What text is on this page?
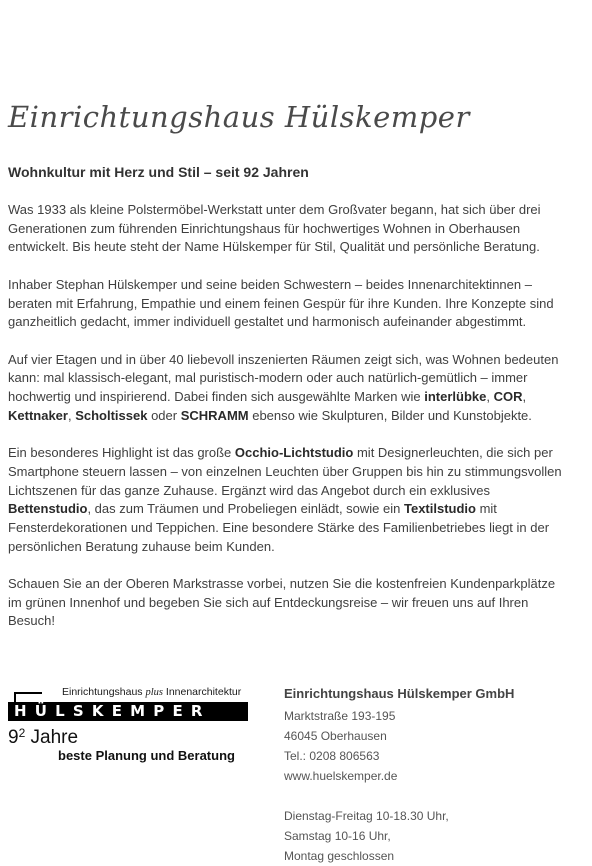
Einrichtungshaus Hülskemper
Wohnkultur mit Herz und Stil – seit 92 Jahren

Was 1933 als kleine Polstermöbel-Werkstatt unter dem Großvater begann, hat sich über drei Generationen zum führenden Einrichtungshaus für hochwertiges Wohnen in Oberhausen entwickelt. Bis heute steht der Name Hülskemper für Stil, Qualität und persönliche Beratung.

Inhaber Stephan Hülskemper und seine beiden Schwestern – beides Innenarchitektinnen – beraten mit Erfahrung, Empathie und einem feinen Gespür für ihre Kunden. Ihre Konzepte sind ganzheitlich gedacht, immer individuell gestaltet und harmonisch aufeinander abgestimmt.

Auf vier Etagen und in über 40 liebevoll inszenierten Räumen zeigt sich, was Wohnen bedeuten kann: mal klassisch-elegant, mal puristisch-modern oder auch natürlich-gemütlich – immer hochwertig und inspirierend. Dabei finden sich ausgewählte Marken wie interlübke, COR, Kettnaker, Scholtissek oder SCHRAMM ebenso wie Skulpturen, Bilder und Kunstobjekte.

Ein besonderes Highlight ist das große Occhio-Lichtstudio mit Designerleuchten, die sich per Smartphone steuern lassen – von einzelnen Leuchten über Gruppen bis hin zu stimmungsvollen Lichtszenen für das ganze Zuhause. Ergänzt wird das Angebot durch ein exklusives Bettenstudio, das zum Träumen und Probeliegen einlädt, sowie ein Textilstudio mit Fensterdekorationen und Teppichen. Eine besondere Stärke des Familienbetriebes liegt in der persönlichen Beratung zuhause beim Kunden.

Schauen Sie an der Oberen Markstrasse vorbei, nutzen Sie die kostenfreien Kundenparkplätze im grünen Innenhof und begeben Sie sich auf Entdeckungsreise – wir freuen uns auf Ihren Besuch!

Einrichtungshaus plus Innenarchitektur
HÜLSKEMPER
$9^2$ Jahre
beste Planung und Beratung
Einrichtungshaus Hülskemper GmbH
Marktstraße 193-195
46045 Oberhausen
Tel.: 0208 806563
www.huelskemper.de
Dienstag-Freitag 10-18.30 Uhr,
Samstag 10-16 Uhr,
Montag geschlossen
